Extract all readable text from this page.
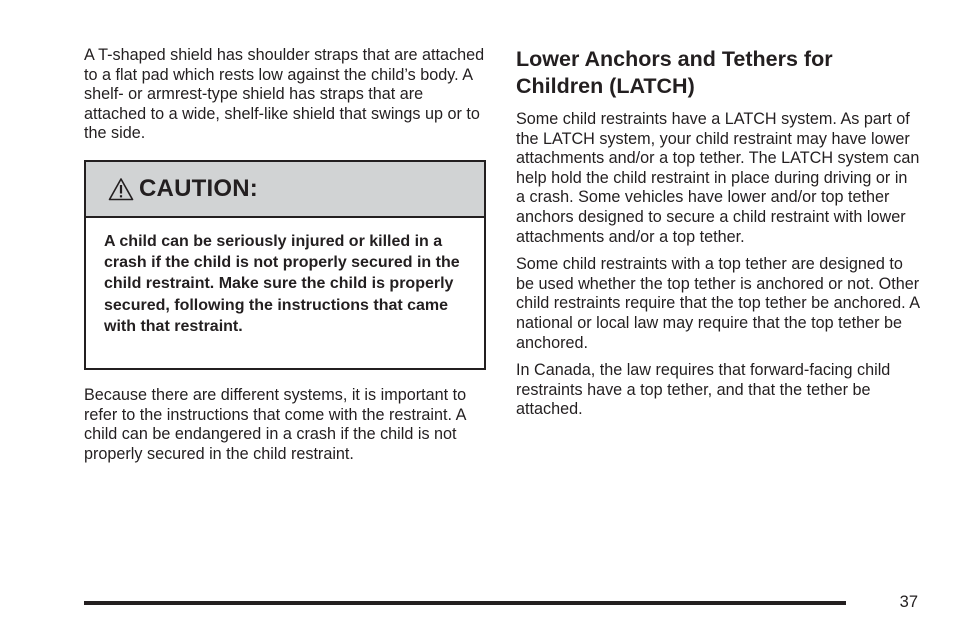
A T-shaped shield has shoulder straps that are attached to a flat pad which rests low against the child’s body. A shelf- or armrest-type shield has straps that are attached to a wide, shelf-like shield that swings up or to the side.

CAUTION:

A child can be seriously injured or killed in a crash if the child is not properly secured in the child restraint. Make sure the child is properly secured, following the instructions that came with that restraint.

Because there are different systems, it is important to refer to the instructions that come with the restraint. A child can be endangered in a crash if the child is not properly secured in the child restraint.

Lower Anchors and Tethers for Children (LATCH)

Some child restraints have a LATCH system. As part of the LATCH system, your child restraint may have lower attachments and/or a top tether. The LATCH system can help hold the child restraint in place during driving or in a crash. Some vehicles have lower and/or top tether anchors designed to secure a child restraint with lower attachments and/or a top tether.

Some child restraints with a top tether are designed to be used whether the top tether is anchored or not. Other child restraints require that the top tether be anchored. A national or local law may require that the top tether be anchored.

In Canada, the law requires that forward-facing child restraints have a top tether, and that the tether be attached.

37
